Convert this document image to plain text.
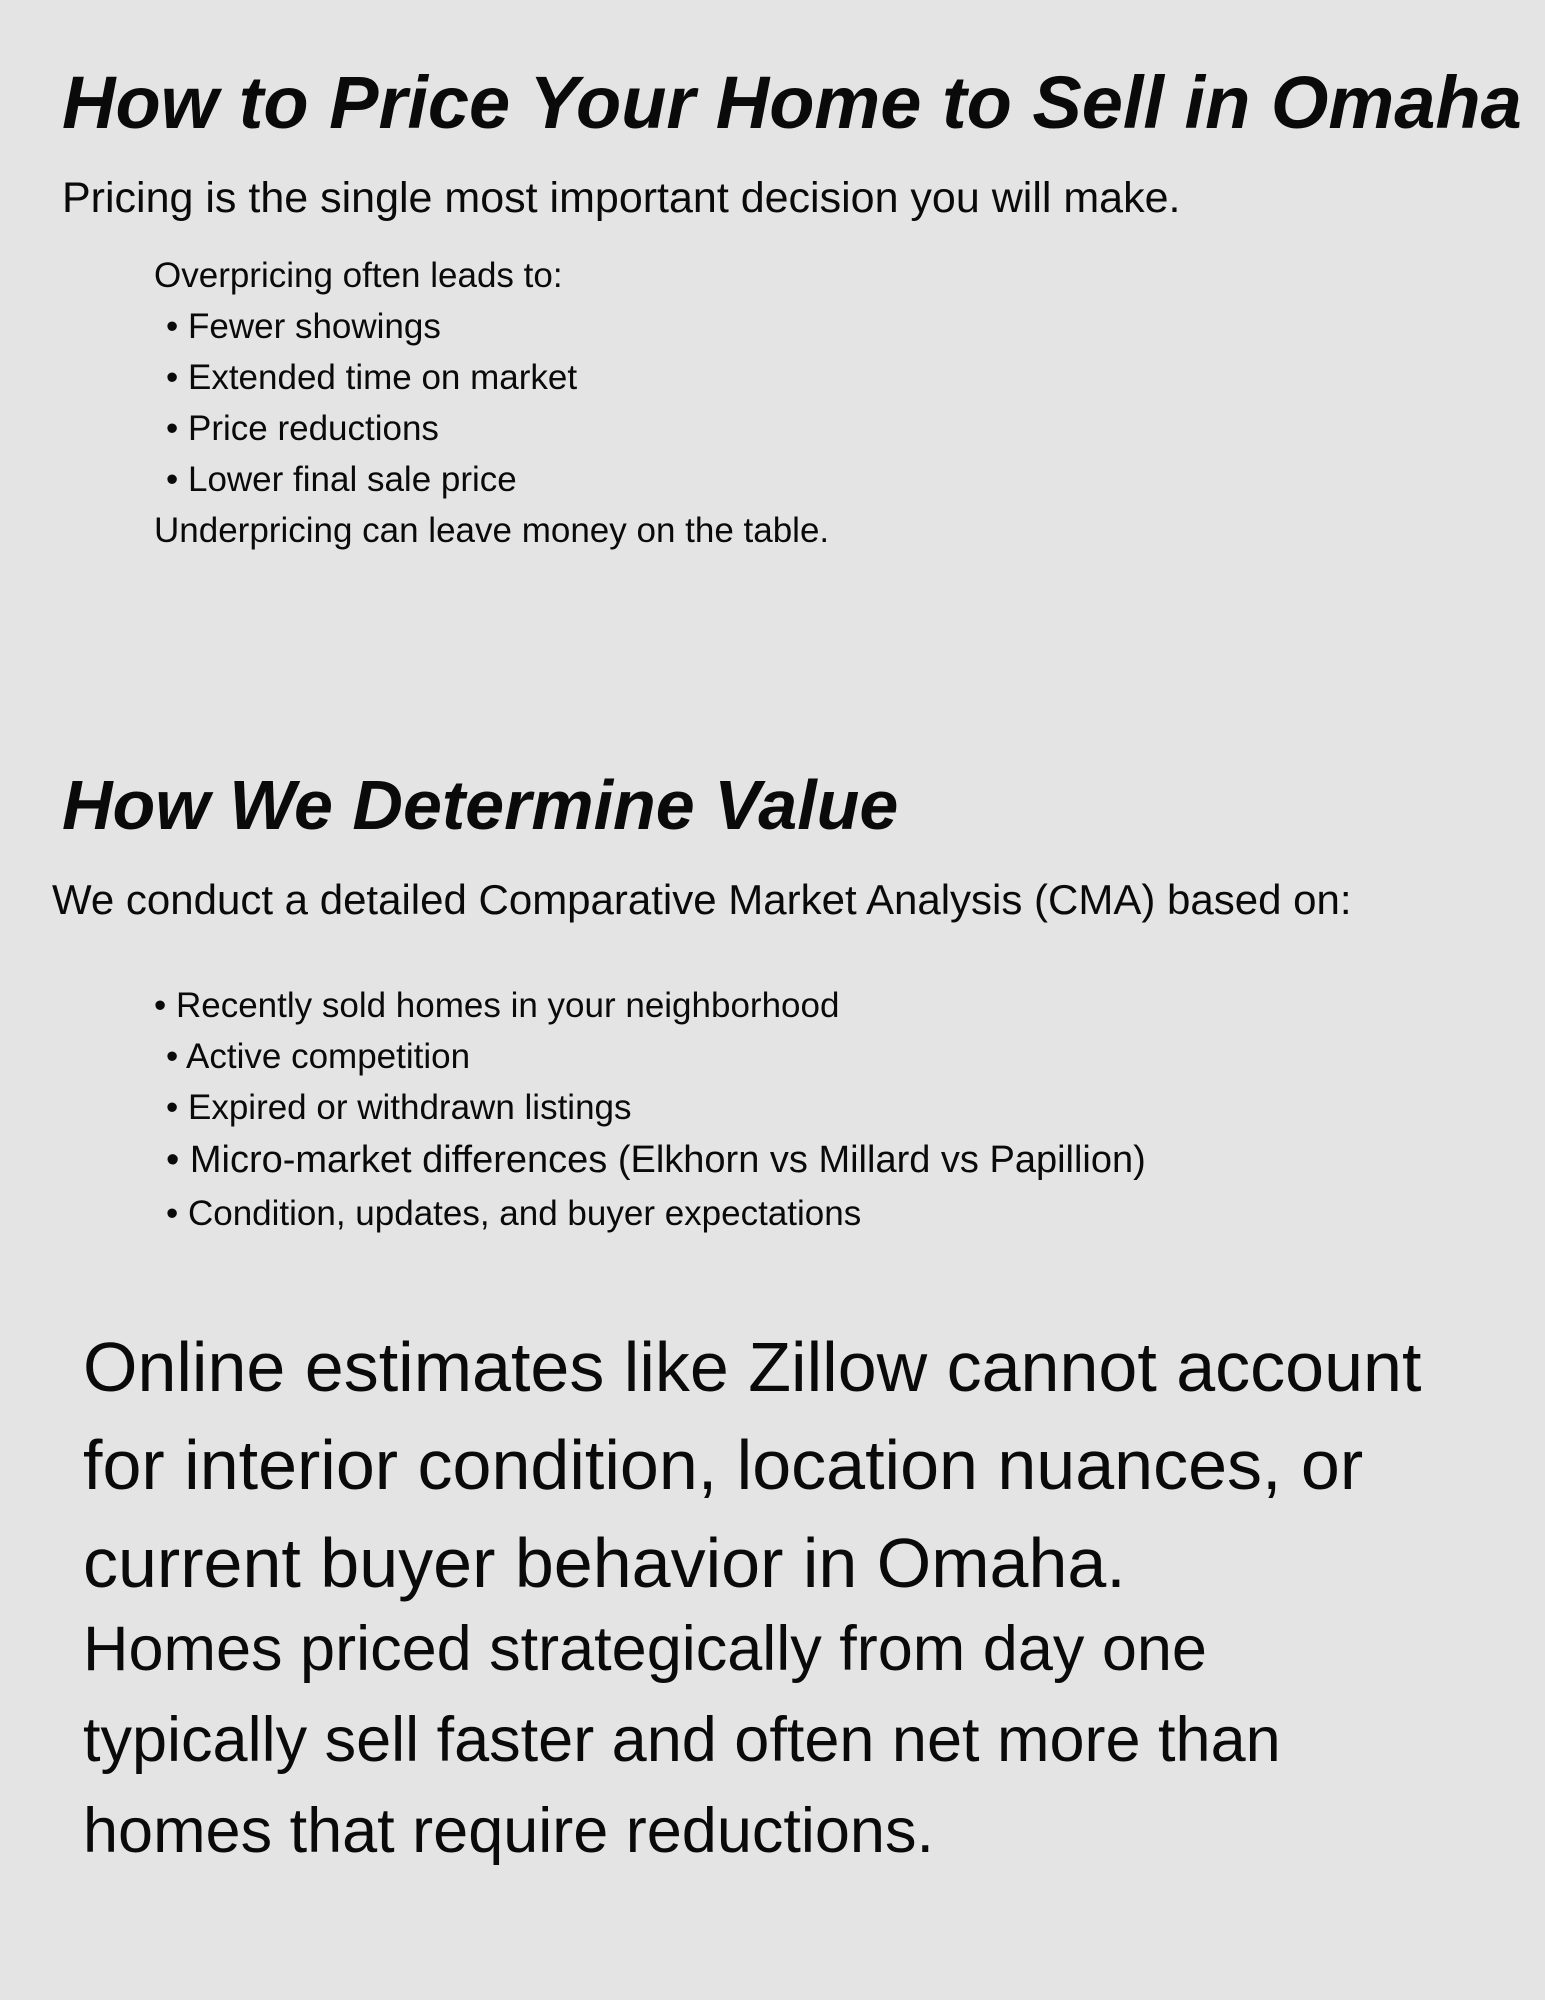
How to Price Your Home to Sell in Omaha
Pricing is the single most important decision you will make.
Overpricing often leads to:
• Fewer showings
• Extended time on market
• Price reductions
• Lower final sale price
Underpricing can leave money on the table.
How We Determine Value
We conduct a detailed Comparative Market Analysis (CMA) based on:
• Recently sold homes in your neighborhood
• Active competition
• Expired or withdrawn listings
• Micro-market differences (Elkhorn vs Millard vs Papillion)
• Condition, updates, and buyer expectations
Online estimates like Zillow cannot account
for interior condition, location nuances, or
current buyer behavior in Omaha.
Homes priced strategically from day one
typically sell faster and often net more than
homes that require reductions.
